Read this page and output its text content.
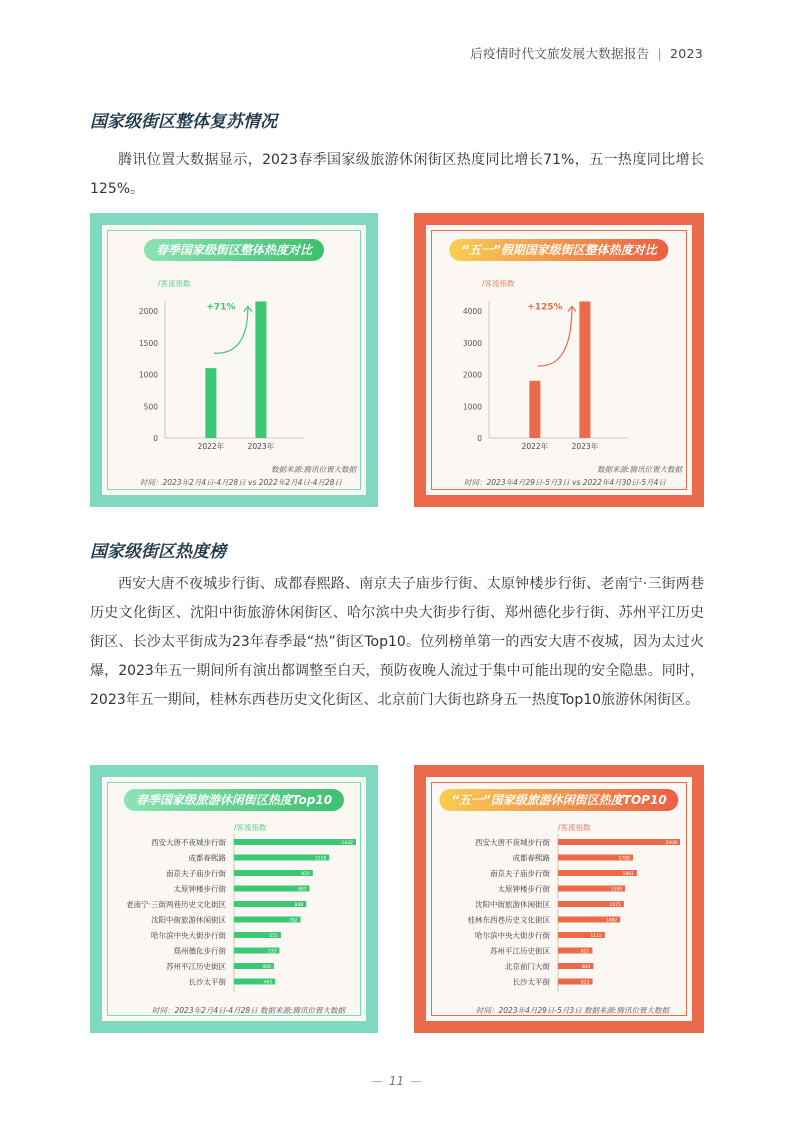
后疫情时代文旅发展大数据报告 | 2023
国家级街区整体复苏情况
腾讯位置大数据显示，2023春季国家级旅游休闲街区热度同比增长71%，五一热度同比增长125%。
春季国家级街区整体热度对比
/客流指数
0
500
1000
1500
2000
2022年	2023年
+71%
数据来源:腾讯位置大数据
时间：2023年2月4日-4月28日 vs 2022年2月4日-4月28日
“五一”假期国家级街区整体热度对比
/客流指数
0
1000
2000
3000
4000
2022年	2023年
+125%
数据来源:腾讯位置大数据
时间：2023年4月29日-5月3日 vs 2022年4月30日-5月4日
国家级街区热度榜
西安大唐不夜城步行街、成都春熙路、南京夫子庙步行街、太原钟楼步行街、老南宁·三街两巷历史文化街区、沈阳中街旅游休闲街区、哈尔滨中央大街步行街、郑州德化步行街、苏州平江历史街区、长沙太平街成为23年春季最“热”街区Top10。位列榜单第一的西安大唐不夜城，因为太过火爆，2023年五一期间所有演出都调整至白天，预防夜晚人流过于集中可能出现的安全隐患。同时，2023年五一期间，桂林东西巷历史文化街区、北京前门大街也跻身五一热度Top10旅游休闲街区。
春季国家级旅游休闲街区热度Top10
/客流指数
西安大唐不夜城步行街	1432
成都春熙路	1118
南京夫子庙步行街	925
太原钟楼步行街	887
老南宁·三街两巷历史文化街区	848
沈阳中街旅游休闲街区	782
哈尔滨中央大街步行街	551
郑州德化步行街	533
苏州平江历史街区	468
长沙太平街	483
时间：2023年2月4日-4月28日 数据来源:腾讯位置大数据
“五一”国家级旅游休闲街区热度TOP10
/客流指数
西安大唐不夜城步行街	2908
成都春熙路	1788
南京夫子庙步行街	1881
太原钟楼步行街	1599
沈阳中街旅游休闲街区	1571
桂林东西巷历史文化街区	1482
哈尔滨中央大街步行街	1115
苏州平江历史街区	821
北京前门大街	844
长沙太平街	823
时间：2023年4月29日-5月3日 数据来源:腾讯位置大数据
— 11 —
